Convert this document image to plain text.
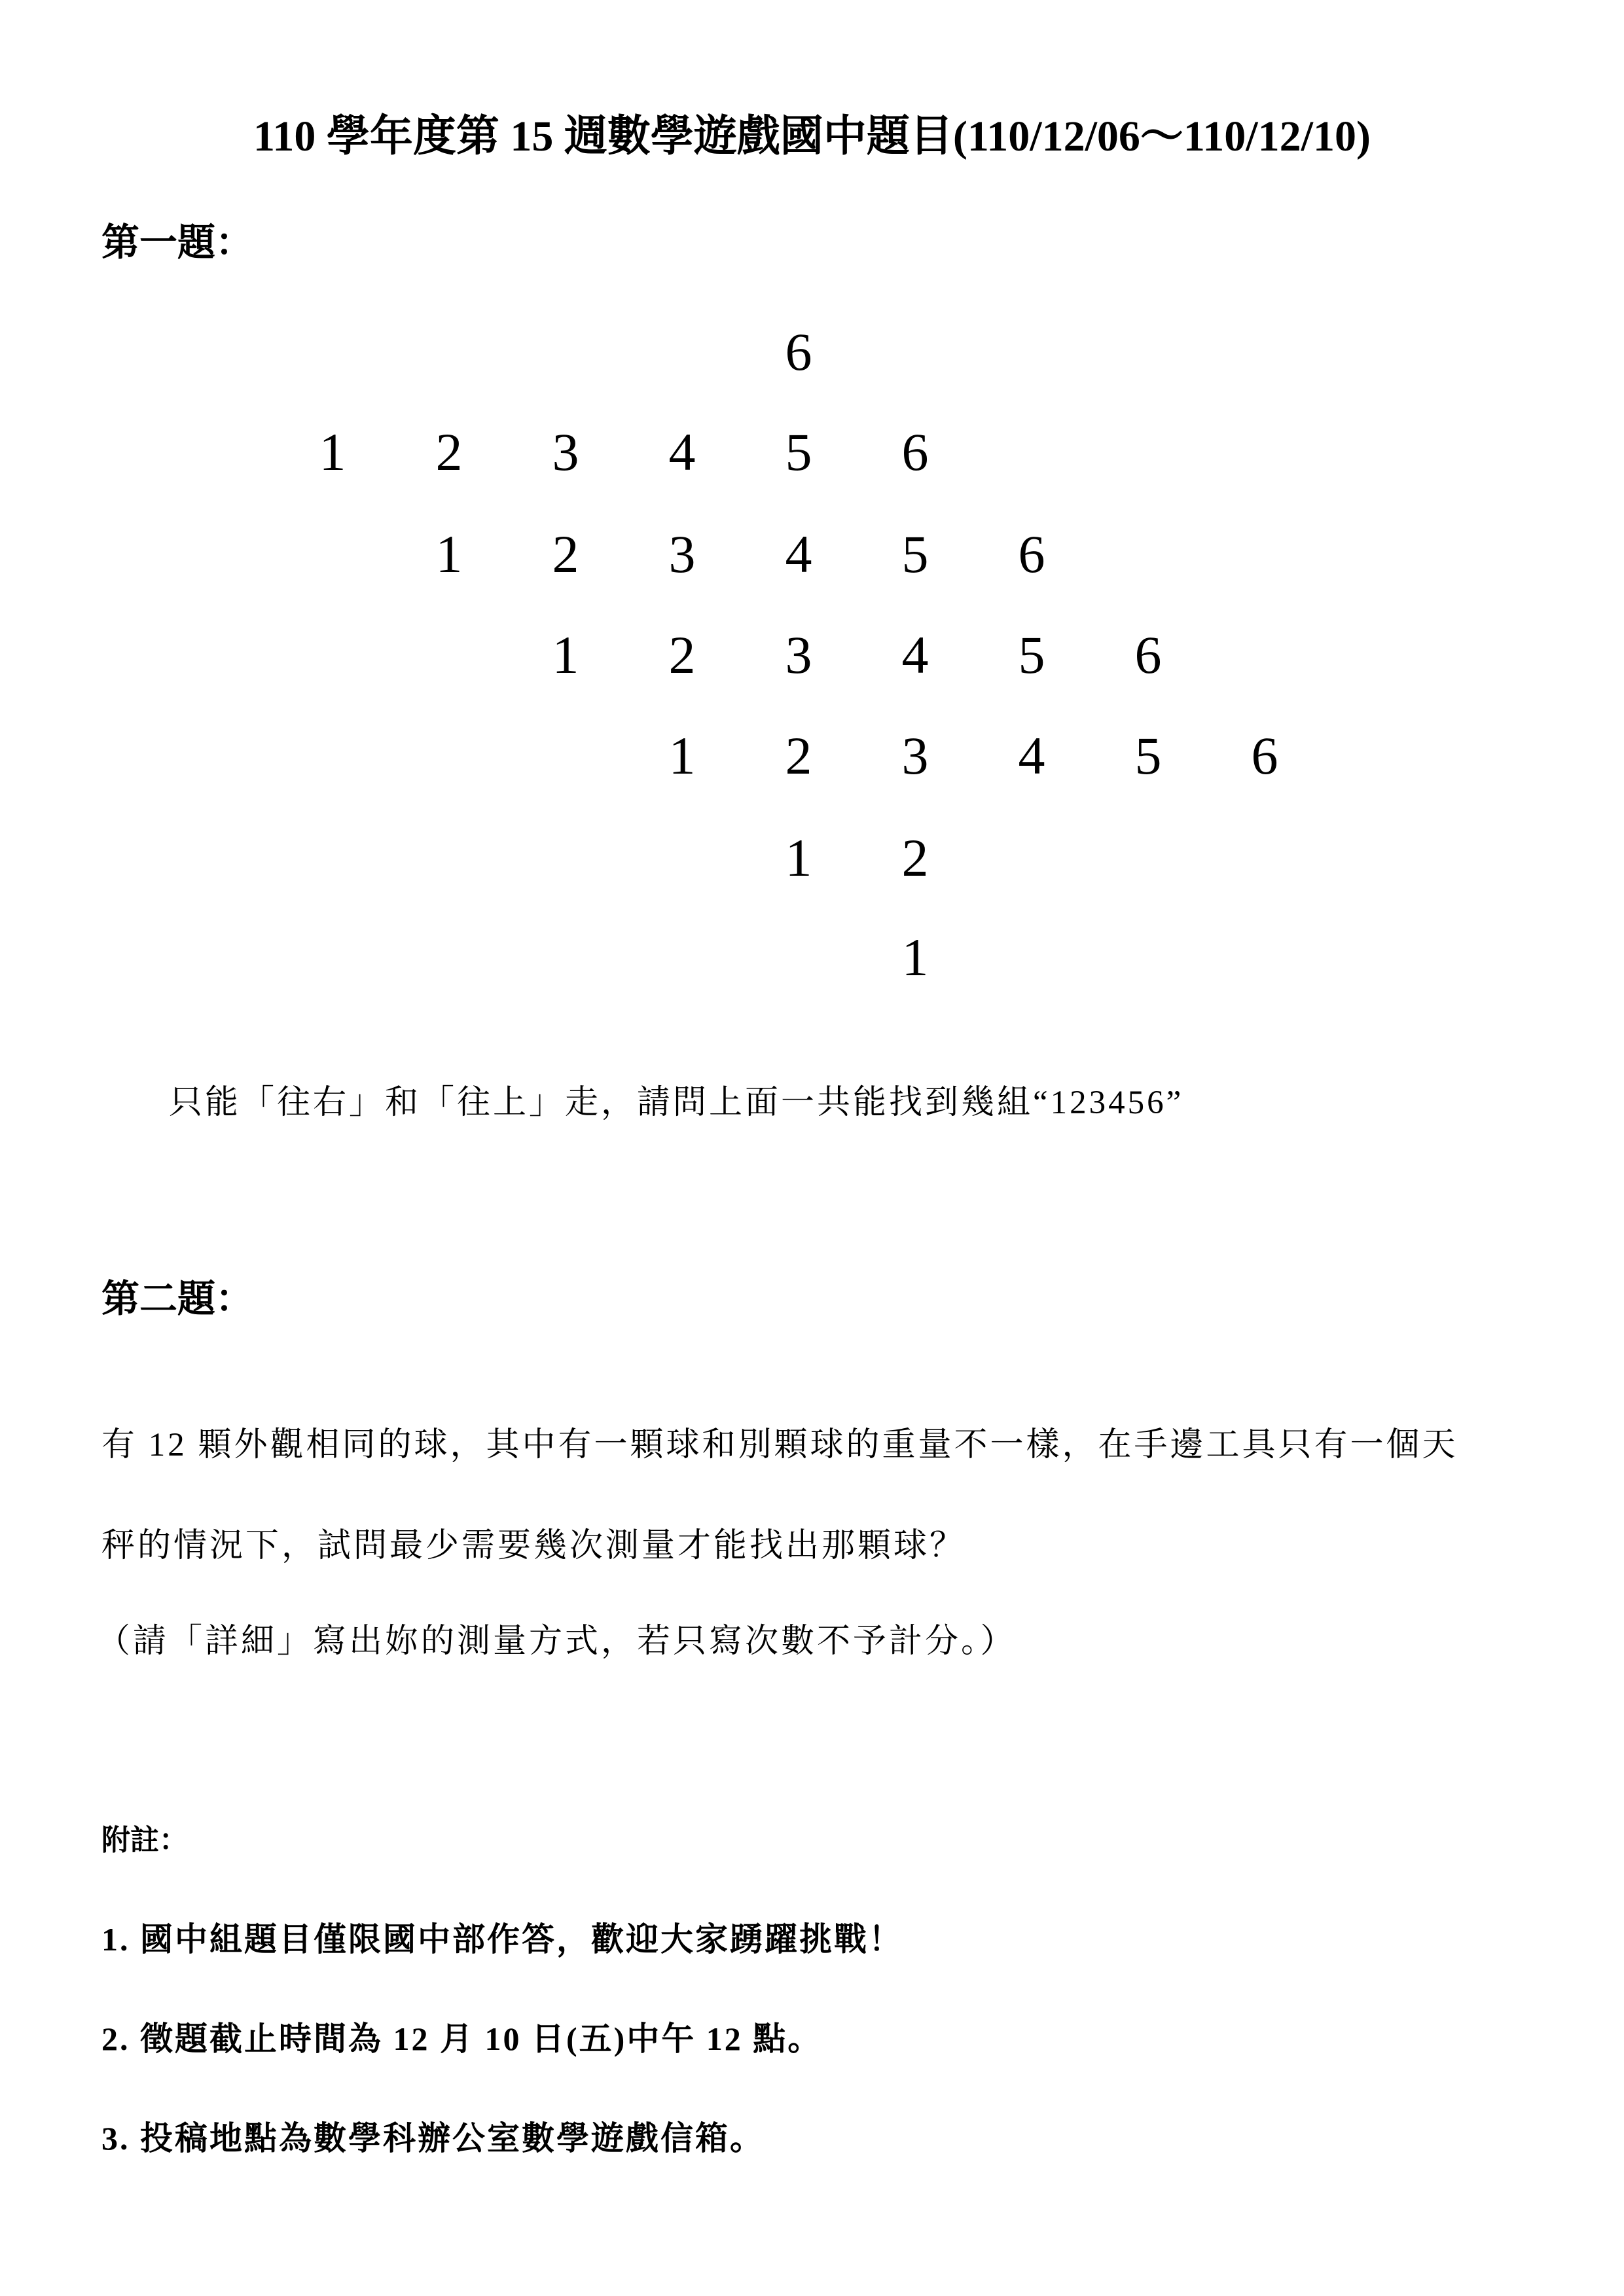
110 學年度第 15 週數學遊戲國中題目(110/12/06～110/12/10)
第一題：
6
1 2 3 4 5 6
1 2 3 4 5 6
1 2 3 4 5 6
1 2 3 4 5 6
1 2
1
只能「往右」和「往上」走，請問上面一共能找到幾組“123456”
第二題：
有 12 顆外觀相同的球，其中有一顆球和別顆球的重量不一樣，在手邊工具只有一個天
秤的情況下，試問最少需要幾次測量才能找出那顆球？
（請「詳細」寫出妳的測量方式，若只寫次數不予計分。）
附註：
1. 國中組題目僅限國中部作答，歡迎大家踴躍挑戰！
2. 徵題截止時間為 12 月 10 日(五)中午 12 點。
3. 投稿地點為數學科辦公室數學遊戲信箱。
